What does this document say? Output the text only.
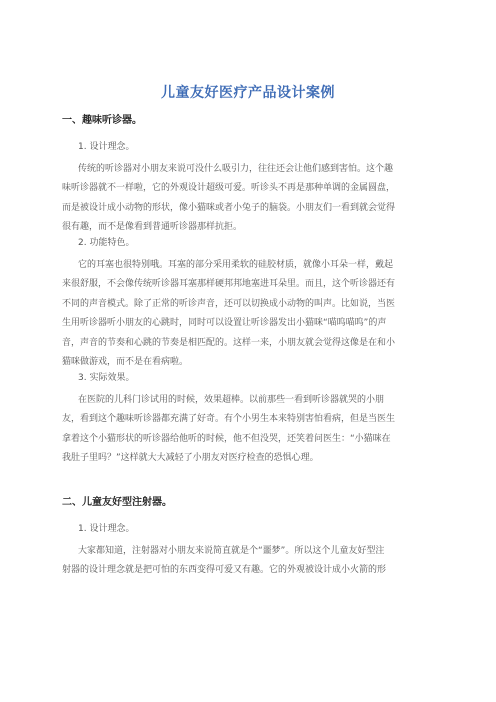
儿童友好医疗产品设计案例
一、趣味听诊器。
1. 设计理念。
传统的听诊器对小朋友来说可没什么吸引力，往往还会让他们感到害怕。这个趣
味听诊器就不一样啦，它的外观设计超级可爱。听诊头不再是那种单调的金属圆盘，
而是被设计成小动物的形状，像小猫咪或者小兔子的脑袋。小朋友们一看到就会觉得
很有趣，而不是像看到普通听诊器那样抗拒。
2. 功能特色。
它的耳塞也很特别哦。耳塞的部分采用柔软的硅胶材质，就像小耳朵一样，戴起
来很舒服，不会像传统听诊器耳塞那样硬邦邦地塞进耳朵里。而且，这个听诊器还有
不同的声音模式。除了正常的听诊声音，还可以切换成小动物的叫声。比如说，当医
生用听诊器听小朋友的心跳时，同时可以设置让听诊器发出小猫咪“喵呜喵呜”的声
音，声音的节奏和心跳的节奏是相匹配的。这样一来，小朋友就会觉得这像是在和小
猫咪做游戏，而不是在看病啦。
3. 实际效果。
在医院的儿科门诊试用的时候，效果超棒。以前那些一看到听诊器就哭的小朋
友，看到这个趣味听诊器都充满了好奇。有个小男生本来特别害怕看病，但是当医生
拿着这个小猫形状的听诊器给他听的时候，他不但没哭，还笑着问医生：“小猫咪在
我肚子里吗？”这样就大大减轻了小朋友对医疗检查的恐惧心理。
二、儿童友好型注射器。
1. 设计理念。
大家都知道，注射器对小朋友来说简直就是个“噩梦”。所以这个儿童友好型注
射器的设计理念就是把可怕的东西变得可爱又有趣。它的外观被设计成小火箭的形
